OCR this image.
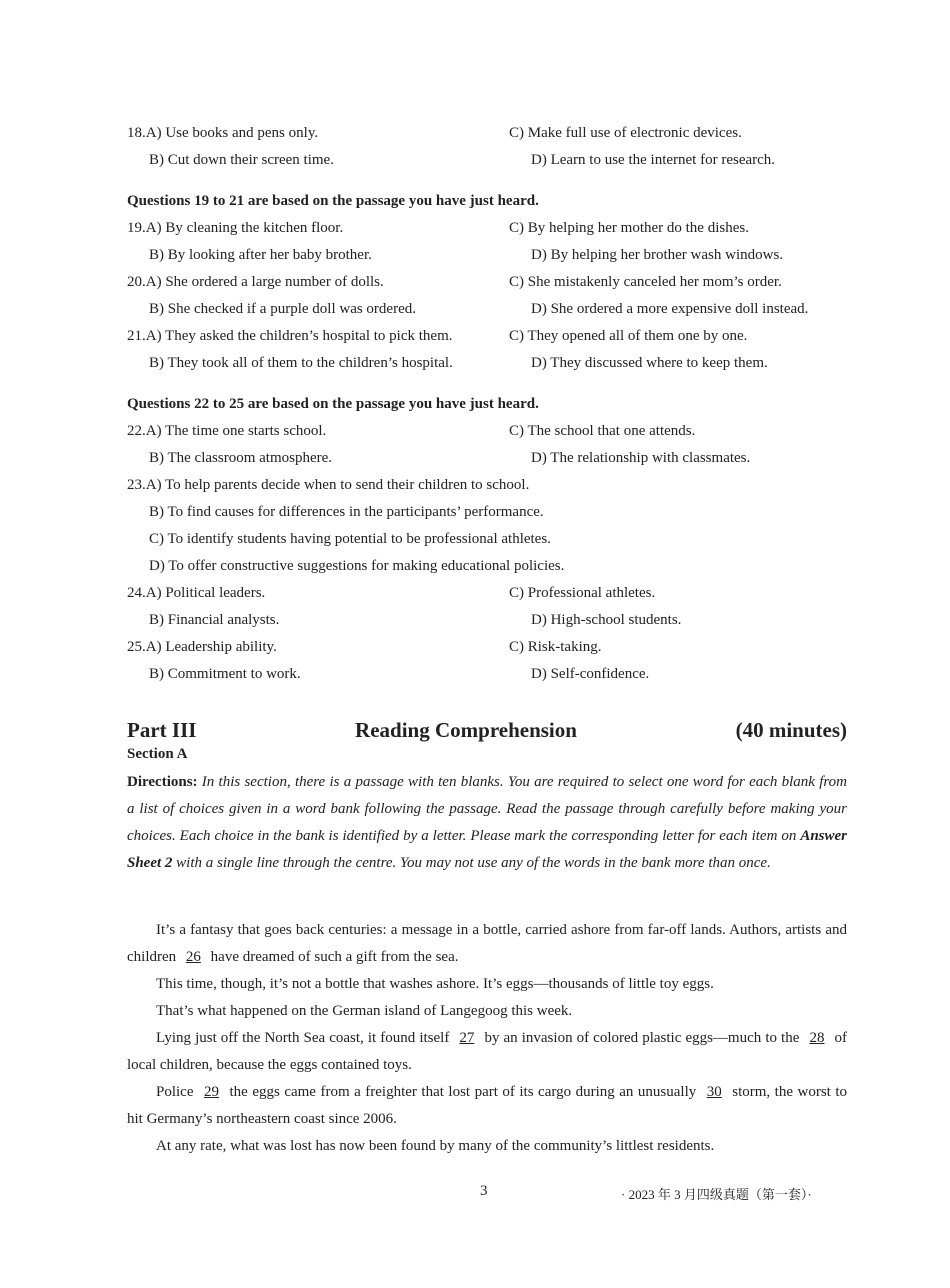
18.A) Use books and pens only.	C) Make full use of electronic devices.
B) Cut down their screen time.	D) Learn to use the internet for research.
Questions 19 to 21 are based on the passage you have just heard.
19.A) By cleaning the kitchen floor.	C) By helping her mother do the dishes.
B) By looking after her baby brother.	D) By helping her brother wash windows.
20.A) She ordered a large number of dolls.	C) She mistakenly canceled her mom’s order.
B) She checked if a purple doll was ordered.	D) She ordered a more expensive doll instead.
21.A) They asked the children’s hospital to pick them.	C) They opened all of them one by one.
B) They took all of them to the children’s hospital.	D) They discussed where to keep them.
Questions 22 to 25 are based on the passage you have just heard.
22.A) The time one starts school.	C) The school that one attends.
B) The classroom atmosphere.	D) The relationship with classmates.
23. A) To help parents decide when to send their children to school.
B) To find causes for differences in the participants’ performance.
C) To identify students having potential to be professional athletes.
D) To offer constructive suggestions for making educational policies.
24.A) Political leaders.	C) Professional athletes.
B) Financial analysts.	D) High-school students.
25.A) Leadership ability.	C) Risk-taking.
B) Commitment to work.	D) Self-confidence.
Part III	Reading Comprehension	(40 minutes)
Section A
Directions: In this section, there is a passage with ten blanks. You are required to select one word for each blank from a list of choices given in a word bank following the passage. Read the passage through carefully before making your choices. Each choice in the bank is identified by a letter. Please mark the corresponding letter for each item on Answer Sheet 2 with a single line through the centre. You may not use any of the words in the bank more than once.

It’s a fantasy that goes back centuries: a message in a bottle, carried ashore from far-off lands. Authors, artists and children 26 have dreamed of such a gift from the sea.

This time, though, it’s not a bottle that washes ashore. It’s eggs—thousands of little toy eggs.

That’s what happened on the German island of Langegoog this week.

Lying just off the North Sea coast, it found itself 27 by an invasion of colored plastic eggs—much to the 28 of local children, because the eggs contained toys.

Police 29 the eggs came from a freighter that lost part of its cargo during an unusually 30 storm, the worst to hit Germany’s northeastern coast since 2006.

At any rate, what was lost has now been found by many of the community’s littlest residents.

3	· 2023 年 3 月四级真题（第一套）·
